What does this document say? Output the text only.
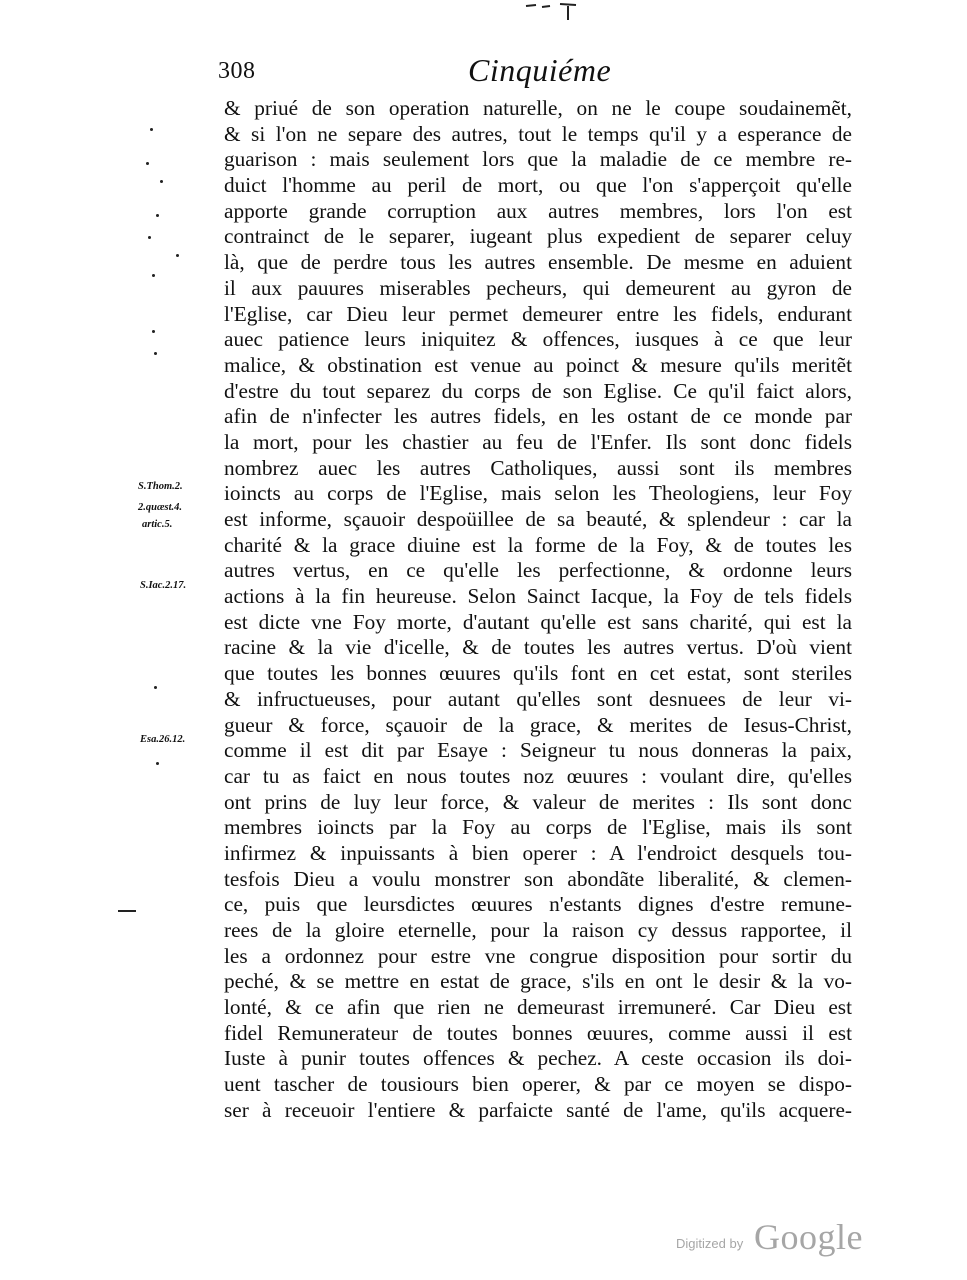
308	Cinquiéme
S.Thom.2.
2.quæst.4.
artic.5.
S.Iac.2.17.
Esa.26.12.
& priué de son operation naturelle, on ne le coupe soudainemẽt,
& si l'on ne separe des autres, tout le temps qu'il y a esperance de
guarison : mais seulement lors que la maladie de ce membre re-
duict l'homme au peril de mort, ou que l'on s'apperçoit qu'elle
apporte grande corruption aux autres membres, lors l'on est
contrainct de le separer, iugeant plus expedient de separer celuy
là, que de perdre tous les autres ensemble. De mesme en aduient
il aux pauures miserables pecheurs, qui demeurent au gyron de
l'Eglise, car Dieu leur permet demeurer entre les fidels, endurant
auec patience leurs iniquitez & offences, iusques à ce que leur
malice, & obstination est venue au poinct & mesure qu'ils meritẽt
d'estre du tout separez du corps de son Eglise. Ce qu'il faict alors,
afin de n'infecter les autres fidels, en les ostant de ce monde par
la mort, pour les chastier au feu de l'Enfer. Ils sont donc fidels
nombrez auec les autres Catholiques, aussi sont ils membres
ioincts au corps de l'Eglise, mais selon les Theologiens, leur Foy
est informe, sçauoir despoüillee de sa beauté, & splendeur : car la
charité & la grace diuine est la forme de la Foy, & de toutes les
autres vertus, en ce qu'elle les perfectionne, & ordonne leurs
actions à la fin heureuse. Selon Sainct Iacque, la Foy de tels fidels
est dicte vne Foy morte, d'autant qu'elle est sans charité, qui est la
racine & la vie d'icelle, & de toutes les autres vertus. D'où vient
que toutes les bonnes œuures qu'ils font en cet estat, sont steriles
& infructueuses, pour autant qu'elles sont desnuees de leur vi-
gueur & force, sçauoir de la grace, & merites de Iesus-Christ,
comme il est dit par Esaye : Seigneur tu nous donneras la paix,
car tu as faict en nous toutes noz œuures : voulant dire, qu'elles
ont prins de luy leur force, & valeur de merites : Ils sont donc
membres ioincts par la Foy au corps de l'Eglise, mais ils sont
infirmez & inpuissants à bien operer : A l'endroict desquels tou-
tesfois Dieu a voulu monstrer son abondãte liberalité, & clemen-
ce, puis que leursdictes œuures n'estants dignes d'estre remune-
rees de la gloire eternelle, pour la raison cy dessus rapportee, il
les a ordonnez pour estre vne congrue disposition pour sortir du
peché, & se mettre en estat de grace, s'ils en ont le desir & la vo-
lonté, & ce afin que rien ne demeurast irremuneré. Car Dieu est
fidel Remunerateur de toutes bonnes œuures, comme aussi il est
Iuste à punir toutes offences & pechez. A ceste occasion ils doi-
uent tascher de tousiours bien operer, & par ce moyen se dispo-
ser à receuoir l'entiere & parfaicte santé de l'ame, qu'ils acquere-
Digitized by Google
